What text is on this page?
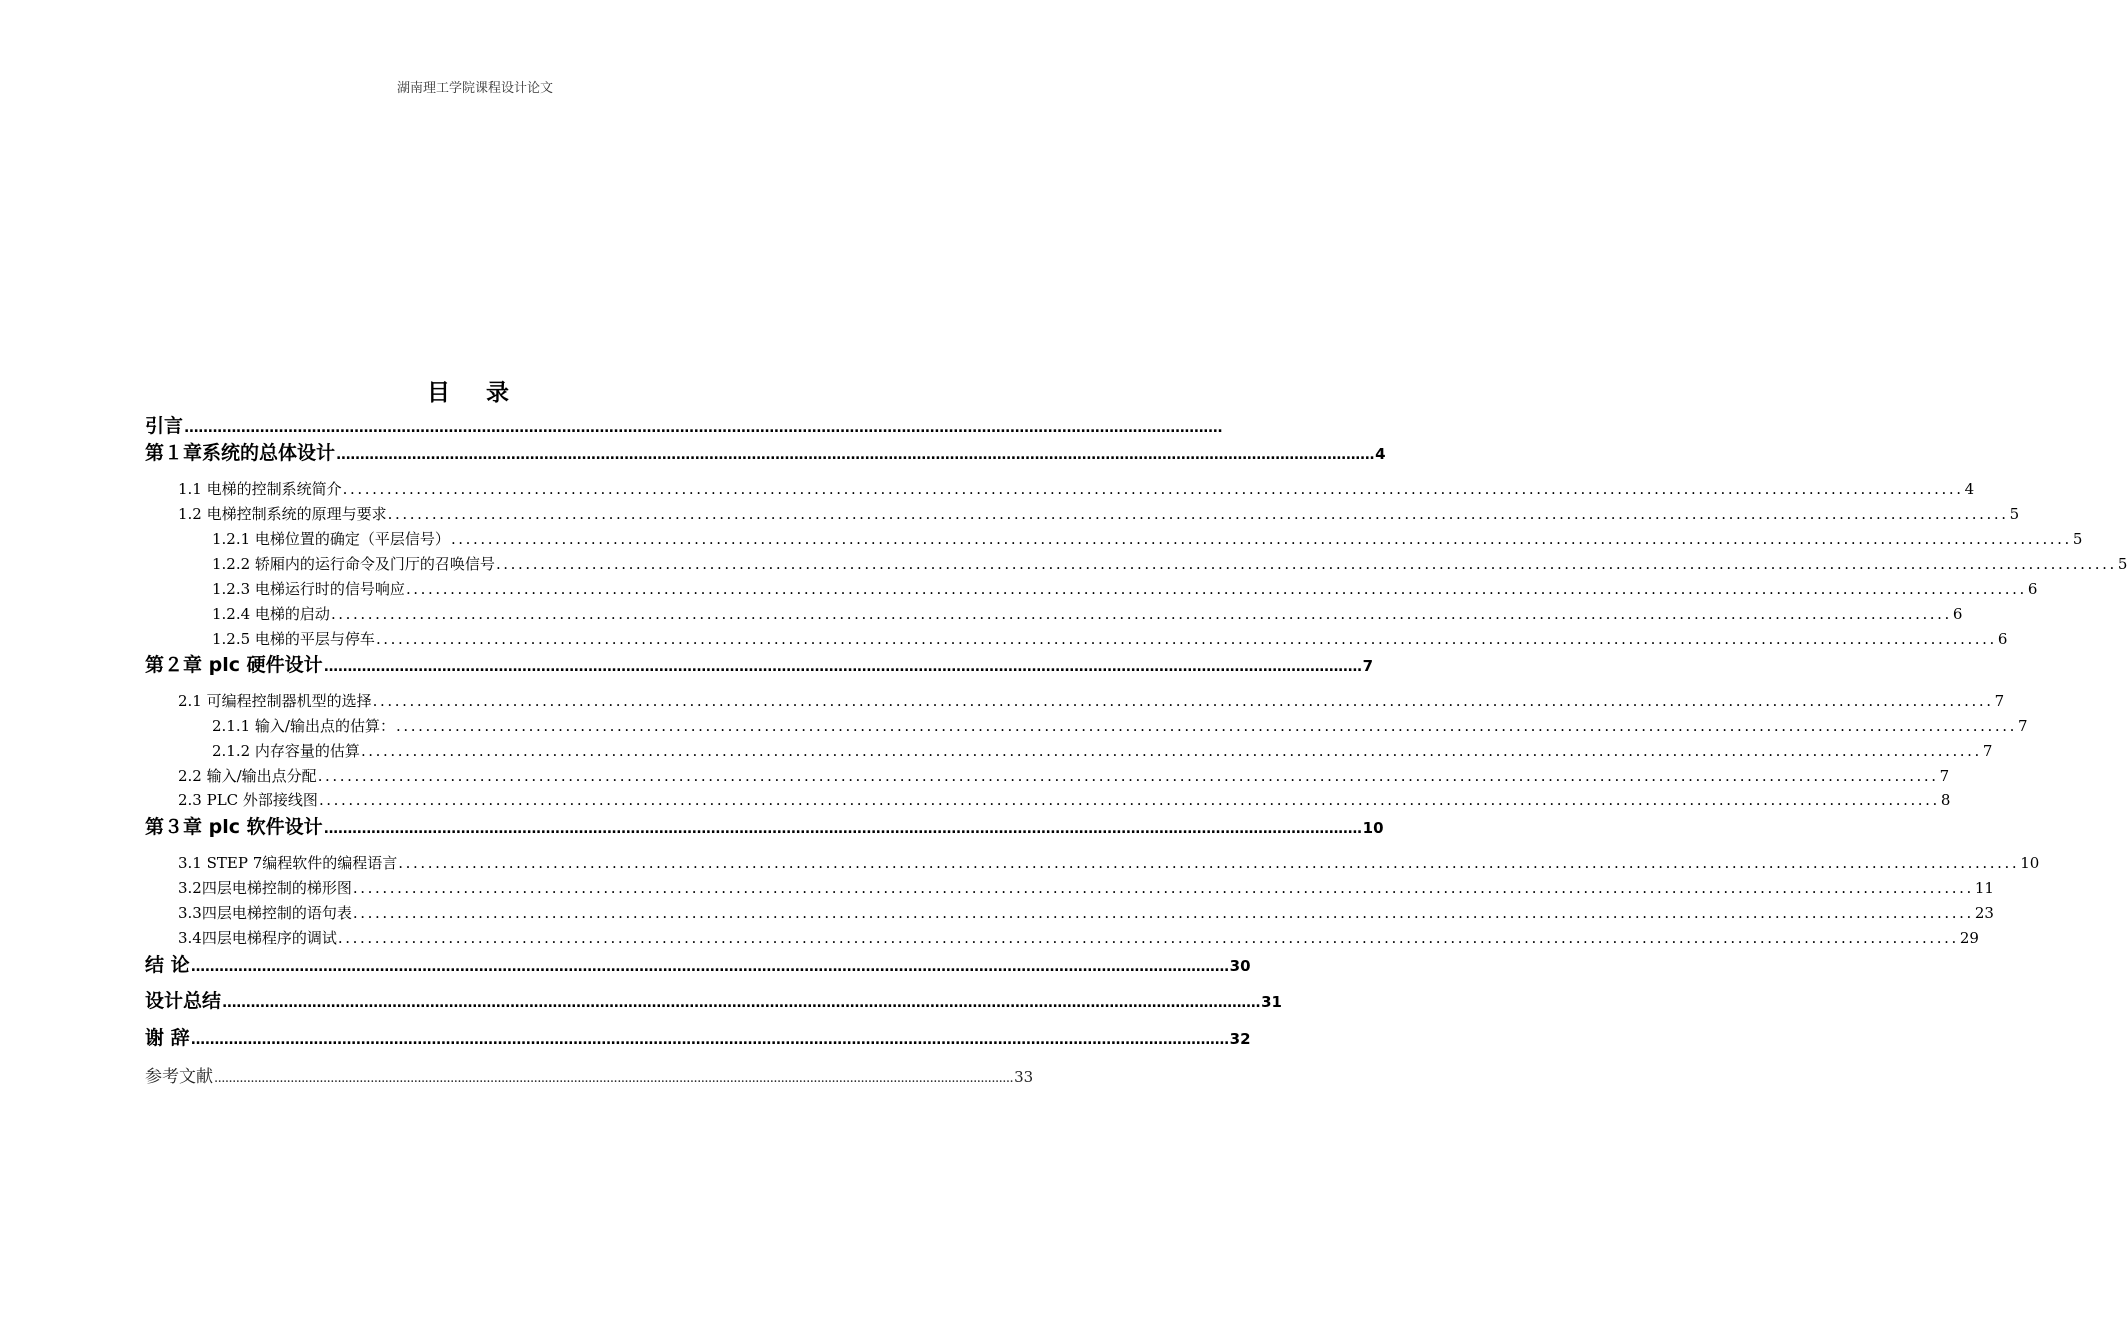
湖南理工学院课程设计论文
目 录
引言 ............................................................................................................................................................................................................................
第１章系统的总体设计 ............................................................................................................................................................................................................................ 4
1.1 电梯的控制系统简介 ............................................................................................................................................................................................................................ 4
1.2 电梯控制系统的原理与要求 ............................................................................................................................................................................................................................ 5
1.2.1 电梯位置的确定（平层信号） ............................................................................................................................................................................................................................ 5
1.2.2 轿厢内的运行命令及门厅的召唤信号 ............................................................................................................................................................................................................................ 5
1.2.3 电梯运行时的信号响应 ............................................................................................................................................................................................................................ 6
1.2.4 电梯的启动 ............................................................................................................................................................................................................................ 6
1.2.5 电梯的平层与停车 ............................................................................................................................................................................................................................ 6
第２章 plc 硬件设计 ............................................................................................................................................................................................................................ 7
2.1 可编程控制器机型的选择 ............................................................................................................................................................................................................................ 7
2.1.1 输入/输出点的估算： ............................................................................................................................................................................................................................ 7
2.1.2 内存容量的估算 ............................................................................................................................................................................................................................ 7
2.2 输入/输出点分配 ............................................................................................................................................................................................................................ 7
2.3 PLC 外部接线图 ............................................................................................................................................................................................................................ 8
第３章 plc 软件设计 ............................................................................................................................................................................................................................ 10
3.1 STEP 7编程软件的编程语言 ............................................................................................................................................................................................................................ 10
3.2四层电梯控制的梯形图 ............................................................................................................................................................................................................................ 11
3.3四层电梯控制的语句表 ............................................................................................................................................................................................................................ 23
3.4四层电梯程序的调试 ............................................................................................................................................................................................................................ 29
结 论 ............................................................................................................................................................................................................................ 30
设计总结 ............................................................................................................................................................................................................................ 31
谢 辞 ............................................................................................................................................................................................................................ 32
参考文献 ............................................................................................................................................................................................................................ 33
